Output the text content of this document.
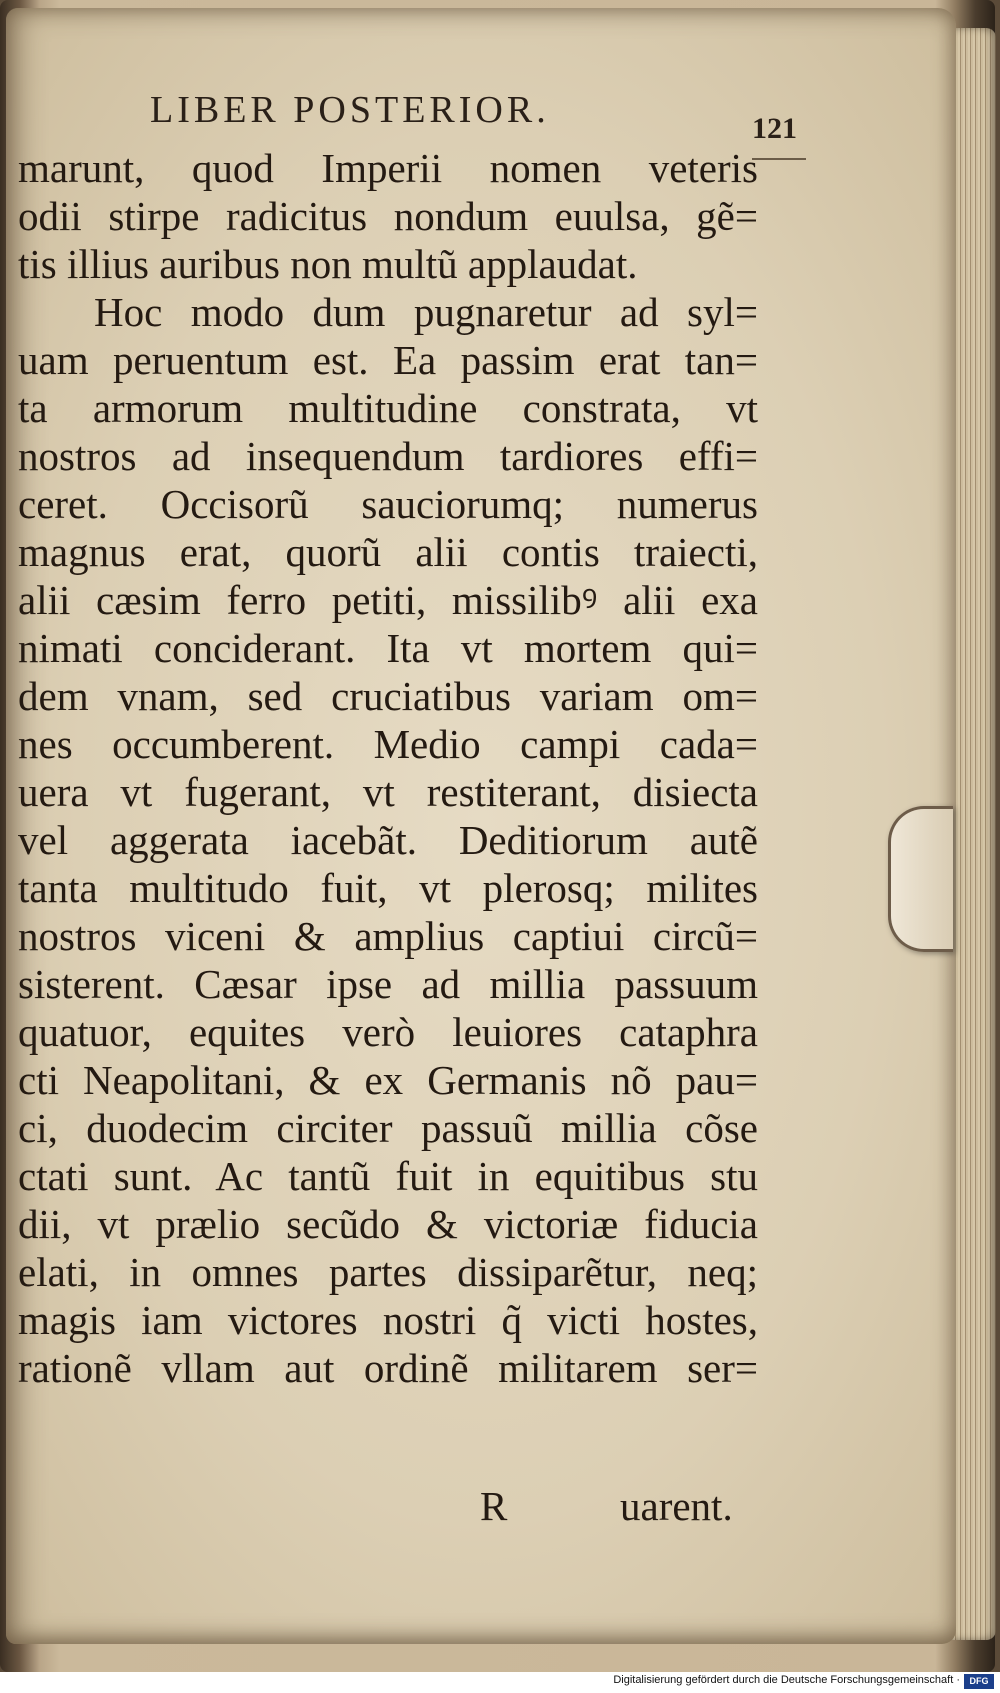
LIBER POSTERIOR.	121
marunt, quod Imperii nomen veteris
odii stirpe radicitus nondum euulsa, gẽ=
tis illius auribus non multũ applaudat.
Hoc modo dum pugnaretur ad syl=
uam peruentum est. Ea passim erat tan=
ta armorum multitudine constrata, vt
nostros ad insequendum tardiores effi=
ceret. Occisorũ sauciorumq; numerus
magnus erat, quorũ alii contis traiecti,
alii cæsim ferro petiti, missilibꝰ alii exa
nimati conciderant. Ita vt mortem qui=
dem vnam, sed cruciatibus variam om=
nes occumberent. Medio campi cada=
uera vt fugerant, vt restiterant, disiecta
vel aggerata iacebãt. Deditiorum autẽ
tanta multitudo fuit, vt plerosq; milites
nostros viceni & amplius captiui circũ=
sisterent. Cæsar ipse ad millia passuum
quatuor, equites verò leuiores cataphra
cti Neapolitani, & ex Germanis nõ pau=
ci, duodecim circiter passuũ millia cõse
ctati sunt. Ac tantũ fuit in equitibus stu
dii, vt prælio secũdo & victoriæ fiducia
elati, in omnes partes dissiparẽtur, neq;
magis iam victores nostri q̃ victi hostes,
rationẽ vllam aut ordinẽ militarem ser=
R	uarent.
Digitalisierung gefördert durch die Deutsche Forschungsgemeinschaft ·	DFG
